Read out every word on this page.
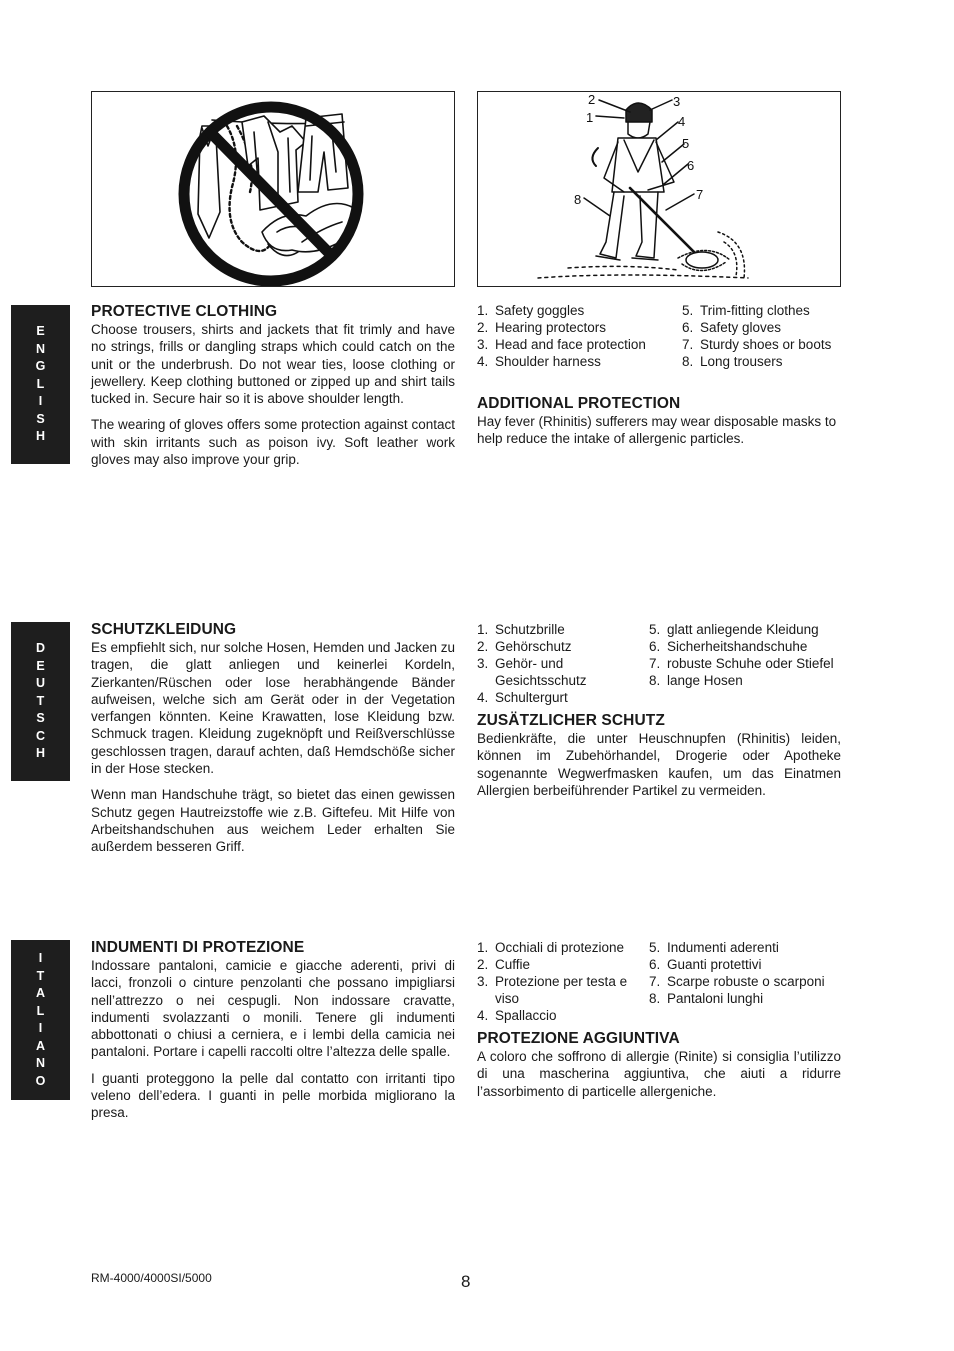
E
N
G
L
I
S
H
D
E
U
T
S
C
H
I
T
A
L
I
A
N
O
2
1
3
4
5
6
7
8
PROTECTIVE CLOTHING

Choose trousers, shirts and jackets that fit trimly and have no strings, frills or dangling straps which could catch on the unit or the underbrush. Do not wear ties, loose clothing or jewellery. Keep clothing buttoned or zipped up and shirt tails tucked in. Secure hair so it is above shoulder length.

The wearing of gloves offers some protection against contact with skin irritants such as poison ivy. Soft leather work gloves may also improve your grip.

1. Safety goggles
2. Hearing protectors
3. Head and face protection
4. Shoulder harness
5. Trim-fitting clothes
6. Safety gloves
7. Sturdy shoes or boots
8. Long trousers
ADDITIONAL PROTECTION

Hay fever (Rhinitis) sufferers may wear disposable masks to help reduce the intake of allergenic particles.

SCHUTZKLEIDUNG

Es empfiehlt sich, nur solche Hosen, Hemden und Jacken zu tragen, die glatt anliegen und keinerlei Kordeln, Zierkanten/Rüschen oder lose herabhängende Bänder aufweisen, welche sich am Gerät oder in der Vegetation verfangen könnten. Keine Krawatten, lose Kleidung bzw. Schmuck tragen. Kleidung zugeknöpft und Reißverschlüsse geschlossen tragen, darauf achten, daß Hemdschöße sicher in der Hose stecken.

Wenn man Handschuhe trägt, so bietet das einen gewissen Schutz gegen Hautreizstoffe wie z.B. Giftefeu. Mit Hilfe von Arbeitshandschuhen aus weichem Leder erhalten Sie außerdem besseren Griff.

1. Schutzbrille
2. Gehörschutz
3. Gehör- und Gesichtsschutz
4. Schultergurt
5. glatt anliegende Kleidung
6. Sicherheitshandschuhe
7. robuste Schuhe oder Stiefel
8. lange Hosen
ZUSÄTZLICHER SCHUTZ

Bedienkräfte, die unter Heuschnupfen (Rhinitis) leiden, können im Zubehörhandel, Drogerie oder Apotheke sogenannte Wegwerfmasken kaufen, um das Einatmen Allergien berbeiführender Partikel zu vermeiden.

INDUMENTI DI PROTEZIONE

Indossare pantaloni, camicie e giacche aderenti, privi di lacci, fronzoli o cinture penzolanti che possano impigliarsi nell’attrezzo o nei cespugli. Non indossare cravatte, indumenti svolazzanti o monili. Tenere gli indumenti abbottonati o chiusi a cerniera, e i lembi della camicia nei pantaloni. Portare i capelli raccolti oltre l’altezza delle spalle.

I guanti proteggono la pelle dal contatto con irritanti tipo veleno dell’edera. I guanti in pelle morbida migliorano la presa.

1. Occhiali di protezione
2. Cuffie
3. Protezione per testa e viso
4. Spallaccio
5. Indumenti aderenti
6. Guanti protettivi
7. Scarpe robuste o scarponi
8. Pantaloni lunghi
PROTEZIONE AGGIUNTIVA

A coloro che soffrono di allergie (Rinite) si consiglia l’utilizzo di una mascherina aggiuntiva, che aiuti a ridurre l’assorbimento di particelle allergeniche.

RM-4000/4000SI/5000	8
